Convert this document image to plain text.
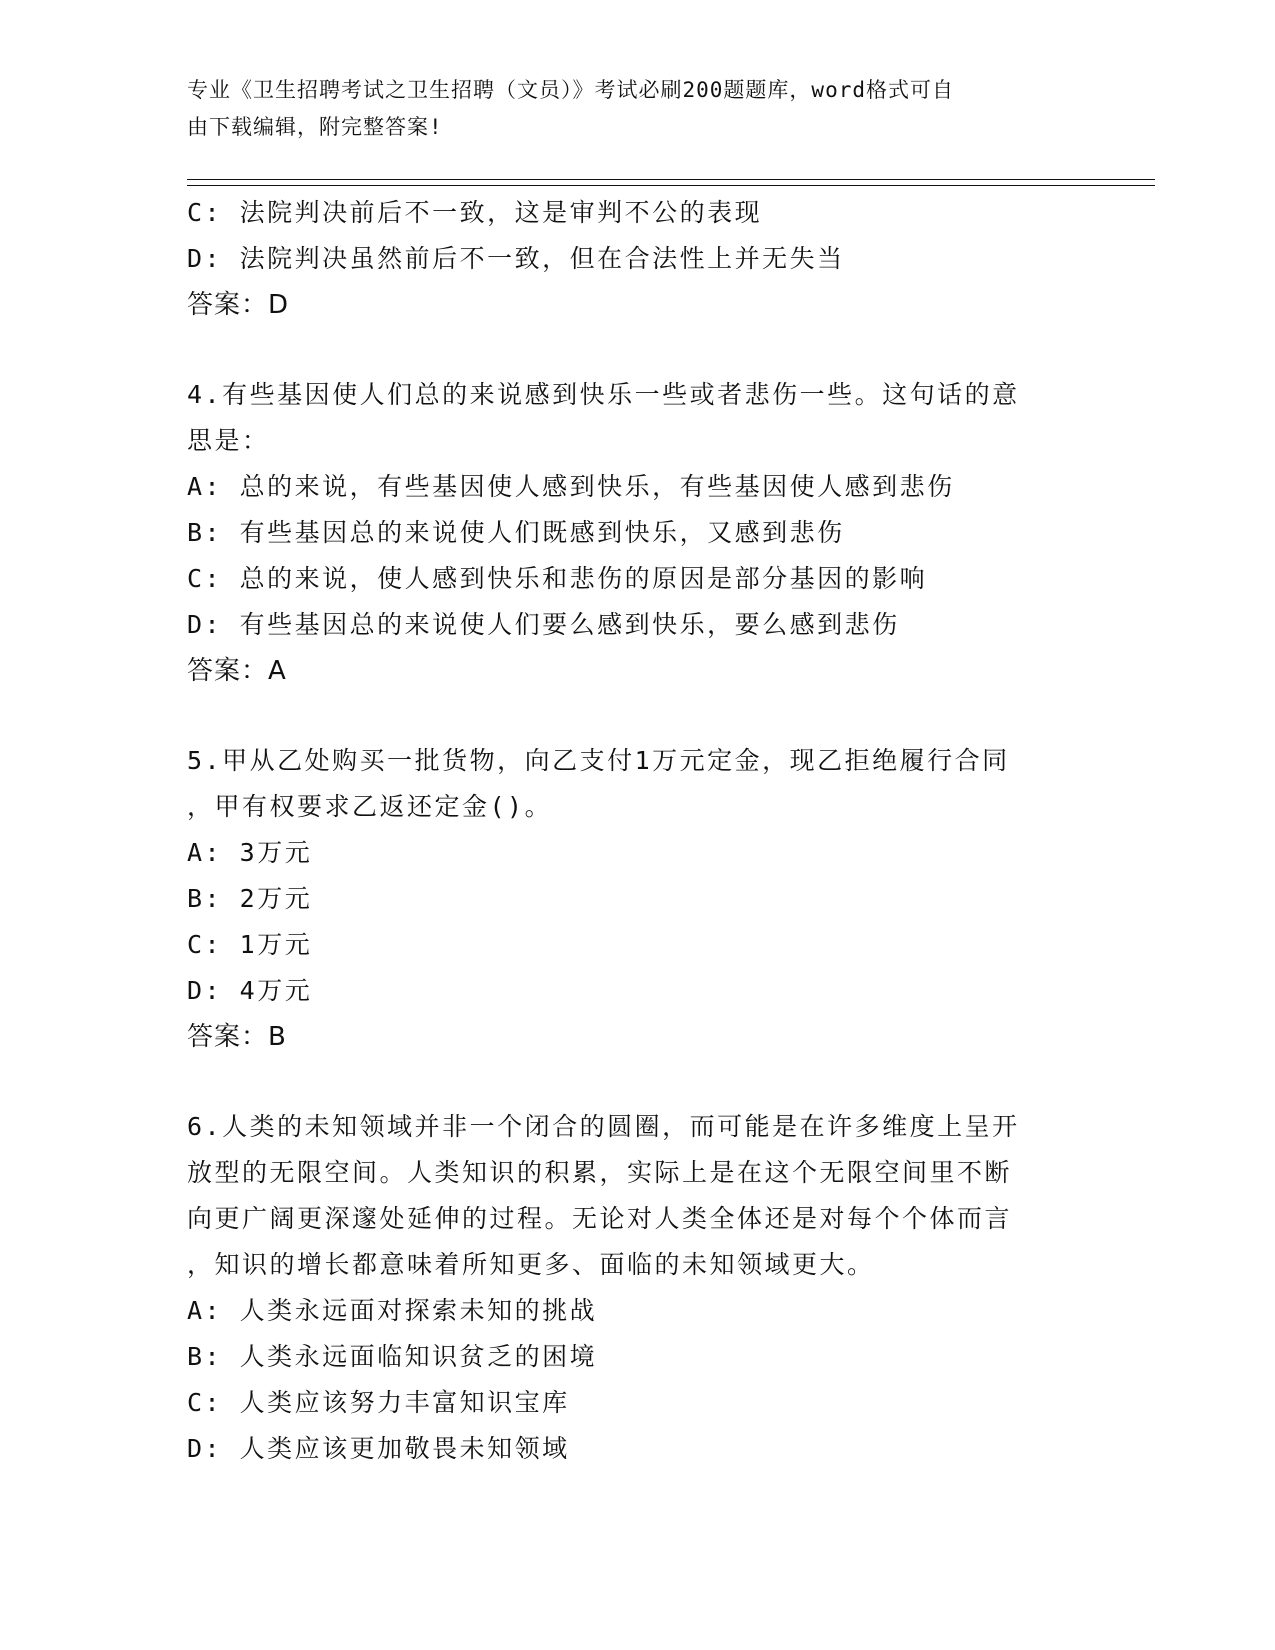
专业《卫生招聘考试之卫生招聘（文员）》考试必刷200题题库，word格式可自
由下载编辑，附完整答案!
C: 法院判决前后不一致，这是审判不公的表现
D: 法院判决虽然前后不一致，但在合法性上并无失当
答案：D
4.有些基因使人们总的来说感到快乐一些或者悲伤一些。这句话的意
思是：
A: 总的来说，有些基因使人感到快乐，有些基因使人感到悲伤
B: 有些基因总的来说使人们既感到快乐，又感到悲伤
C: 总的来说，使人感到快乐和悲伤的原因是部分基因的影响
D: 有些基因总的来说使人们要么感到快乐，要么感到悲伤
答案：A
5.甲从乙处购买一批货物，向乙支付1万元定金，现乙拒绝履行合同
，甲有权要求乙返还定金()。
A: 3万元
B: 2万元
C: 1万元
D: 4万元
答案：B
6.人类的未知领域并非一个闭合的圆圈，而可能是在许多维度上呈开
放型的无限空间。人类知识的积累，实际上是在这个无限空间里不断
向更广阔更深邃处延伸的过程。无论对人类全体还是对每个个体而言
，知识的增长都意味着所知更多、面临的未知领域更大。
A: 人类永远面对探索未知的挑战
B: 人类永远面临知识贫乏的困境
C: 人类应该努力丰富知识宝库
D: 人类应该更加敬畏未知领域
